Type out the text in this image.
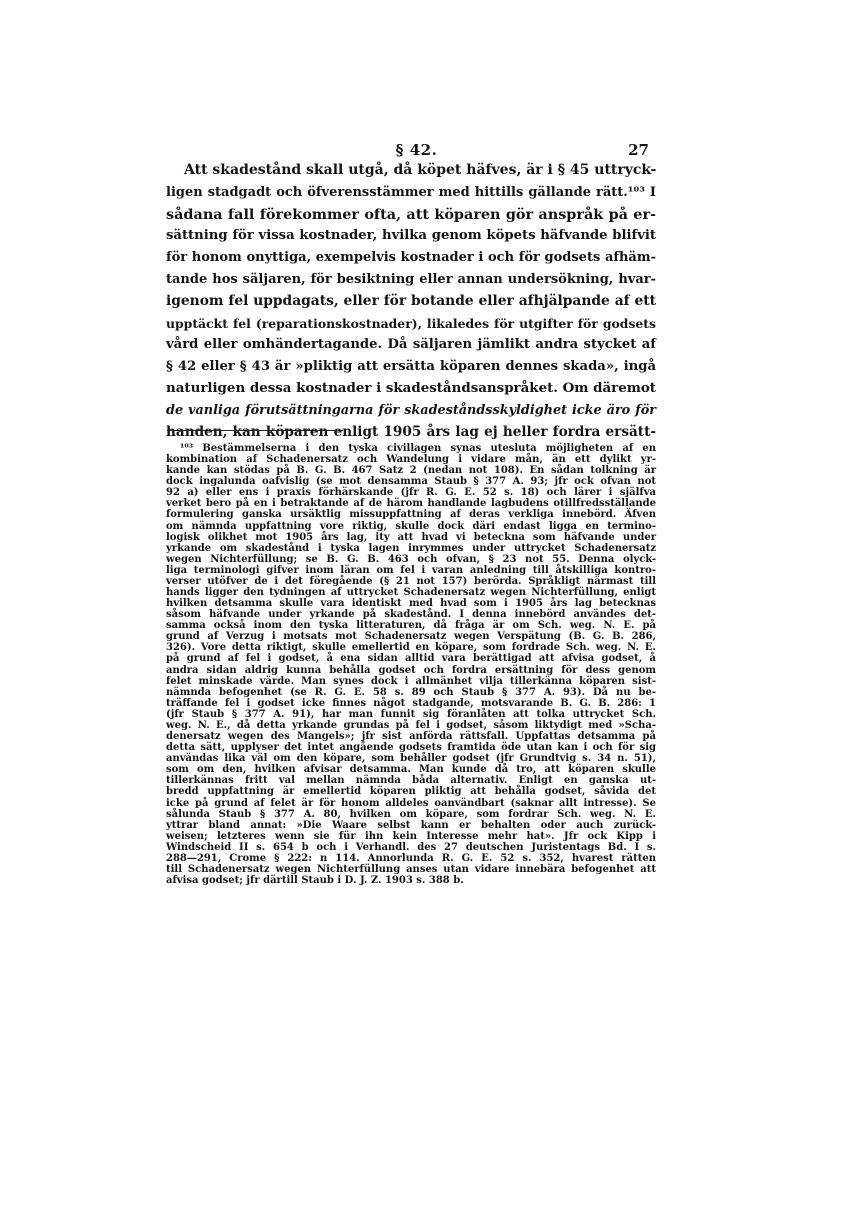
§ 42.	27

Att skadestånd skall utgå, då köpet häfves, är i § 45 uttryck-
ligen stadgadt och öfverensstämmer med hittills gällande rätt.¹⁰³ I
sådana fall förekommer ofta, att köparen gör anspråk på er-
sättning för vissa kostnader, hvilka genom köpets häfvande blifvit
för honom onyttiga, exempelvis kostnader i och för godsets afhäm-
tande hos säljaren, för besiktning eller annan undersökning, hvar-
igenom fel uppdagats, eller för botande eller afhjälpande af ett
upptäckt fel (reparationskostnader), likaledes för utgifter för godsets
vård eller omhändertagande. Då säljaren jämlikt andra stycket af
§ 42 eller § 43 är »pliktig att ersätta köparen dennes skada», ingå
naturligen dessa kostnader i skadeståndsanspråket. Om däremot
de vanliga förutsättningarna för skadeståndsskyldighet icke äro för
handen, kan köparen enligt 1905 års lag ej heller fordra ersätt-

¹⁰³ Bestämmelserna i den tyska civillagen synas utesluta möjligheten af en
kombination af Schadenersatz och Wandelung i vidare mån, än ett dylikt yr-
kande kan stödas på B. G. B. 467 Satz 2 (nedan not 108). En sådan tolkning är
dock ingalunda oafvislig (se mot densamma Staub § 377 A. 93; jfr ock ofvan not
92 a) eller ens i praxis förhärskande (jfr R. G. E. 52 s. 18) och lärer i själfva
verket bero på en i betraktande af de härom handlande lagbudens otillfredsställande
formulering ganska ursäktlig missuppfattning af deras verkliga innebörd. Äfven
om nämnda uppfattning vore riktig, skulle dock däri endast ligga en termino-
logisk olikhet mot 1905 års lag, ity att hvad vi beteckna som häfvande under
yrkande om skadestånd i tyska lagen inrymmes under uttrycket Schadenersatz
wegen Nichterfüllung; se B. G. B. 463 och ofvan, § 23 not 55. Denna olyck-
liga terminologi gifver inom läran om fel i varan anledning till åtskilliga kontro-
verser utöfver de i det föregående (§ 21 not 157) berörda. Språkligt närmast till
hands ligger den tydningen af uttrycket Schadenersatz wegen Nichterfüllung, enligt
hvilken detsamma skulle vara identiskt med hvad som i 1905 års lag betecknas
såsom häfvande under yrkande på skadestånd. I denna innebörd användes det-
samma också inom den tyska litteraturen, då fråga är om Sch. weg. N. E. på
grund af Verzug i motsats mot Schadenersatz wegen Verspätung (B. G. B. 286,
326). Vore detta riktigt, skulle emellertid en köpare, som fordrade Sch. weg. N. E.
på grund af fel i godset, å ena sidan alltid vara berättigad att afvisa godset, å
andra sidan aldrig kunna behålla godset och fordra ersättning för dess genom
felet minskade värde. Man synes dock i allmänhet vilja tillerkänna köparen sist-
nämnda befogenhet (se R. G. E. 58 s. 89 och Staub § 377 A. 93). Då nu be-
träffande fel i godset icke finnes något stadgande, motsvarande B. G. B. 286: 1
(jfr Staub § 377 A. 91), har man funnit sig föranlåten att tolka uttrycket Sch.
weg. N. E., då detta yrkande grundas på fel i godset, såsom liktydigt med »Scha-
denersatz wegen des Mangels»; jfr sist anförda rättsfall. Uppfattas detsamma på
detta sätt, upplyser det intet angående godsets framtida öde utan kan i och för sig
användas lika väl om den köpare, som behåller godset (jfr Grundtvig s. 34 n. 51),
som om den, hvilken afvisar detsamma. Man kunde då tro, att köparen skulle
tillerkännas fritt val mellan nämnda båda alternativ. Enligt en ganska ut-
bredd uppfattning är emellertid köparen pliktig att behålla godset, såvida det
icke på grund af felet är för honom alldeles oanvändbart (saknar allt intresse). Se
sålunda Staub § 377 A. 80, hvilken om köpare, som fordrar Sch. weg. N. E.
yttrar bland annat: »Die Waare selbst kann er behalten oder auch zurück-
weisen; letzteres wenn sie für ihn kein Interesse mehr hat». Jfr ock Kipp i
Windscheid II s. 654 b och i Verhandl. des 27 deutschen Juristentags Bd. I s.
288—291, Crome § 222: n 114. Annorlunda R. G. E. 52 s. 352, hvarest rätten
till Schadenersatz wegen Nichterfüllung anses utan vidare innebära befogenhet att
afvisa godset; jfr därtill Staub i D. J. Z. 1903 s. 388 b.
